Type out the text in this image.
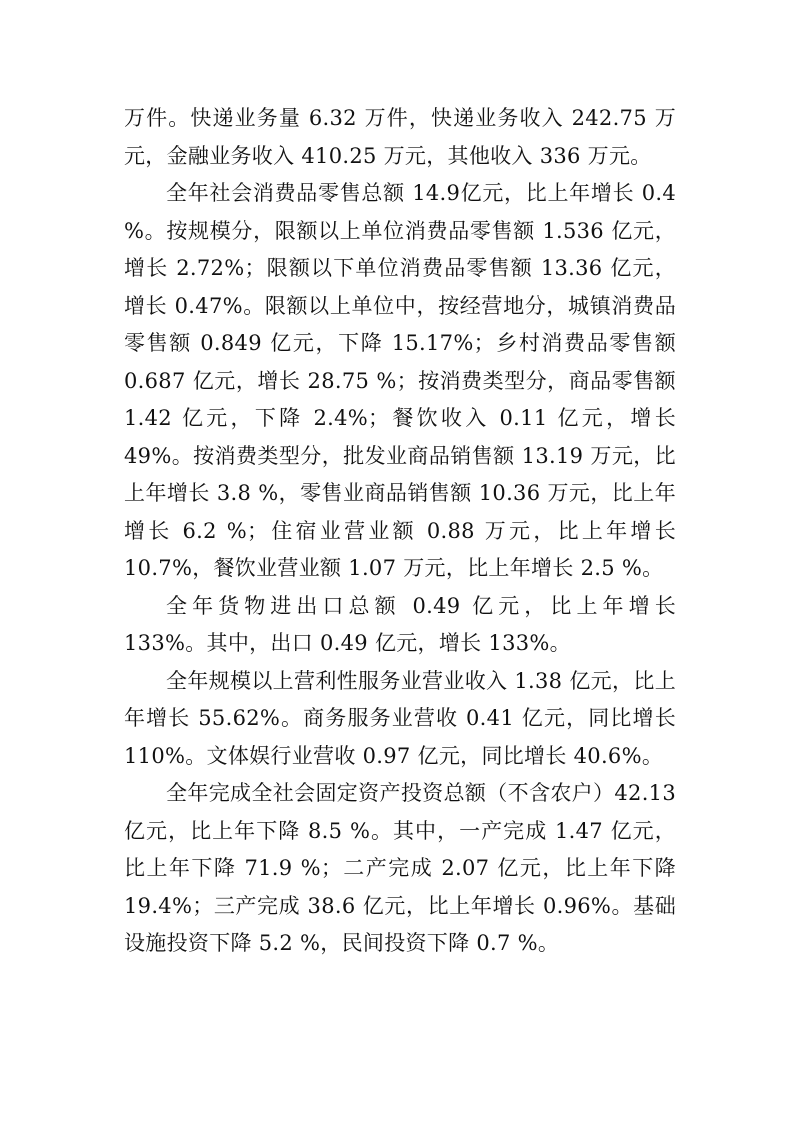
万件。快递业务量 6.32 万件，快递业务收入 242.75 万元，金融业务收入 410.25 万元，其他收入 336 万元。

全年社会消费品零售总额 14.9亿元，比上年增长 0.4 %。按规模分，限额以上单位消费品零售额 1.536 亿元，增长 2.72%；限额以下单位消费品零售额 13.36 亿元，增长 0.47%。限额以上单位中，按经营地分，城镇消费品零售额 0.849 亿元，下降 15.17%；乡村消费品零售额 0.687 亿元，增长 28.75 %；按消费类型分，商品零售额 1.42 亿元，下降 2.4%；餐饮收入 0.11 亿元，增长 49%。按消费类型分，批发业商品销售额 13.19 万元，比上年增长 3.8 %，零售业商品销售额 10.36 万元，比上年增长 6.2 %；住宿业营业额 0.88 万元，比上年增长 10.7%，餐饮业营业额 1.07 万元，比上年增长 2.5 %。

全年货物进出口总额 0.49 亿元，比上年增长 133%。其中，出口 0.49 亿元，增长 133%。

全年规模以上营利性服务业营业收入 1.38 亿元，比上年增长 55.62%。商务服务业营收 0.41 亿元，同比增长 110%。文体娱行业营收 0.97 亿元，同比增长 40.6%。

全年完成全社会固定资产投资总额（不含农户）42.13 亿元，比上年下降 8.5 %。其中，一产完成 1.47 亿元，比上年下降 71.9 %；二产完成 2.07 亿元，比上年下降 19.4%；三产完成 38.6 亿元，比上年增长 0.96%。基础设施投资下降 5.2 %，民间投资下降 0.7 %。
